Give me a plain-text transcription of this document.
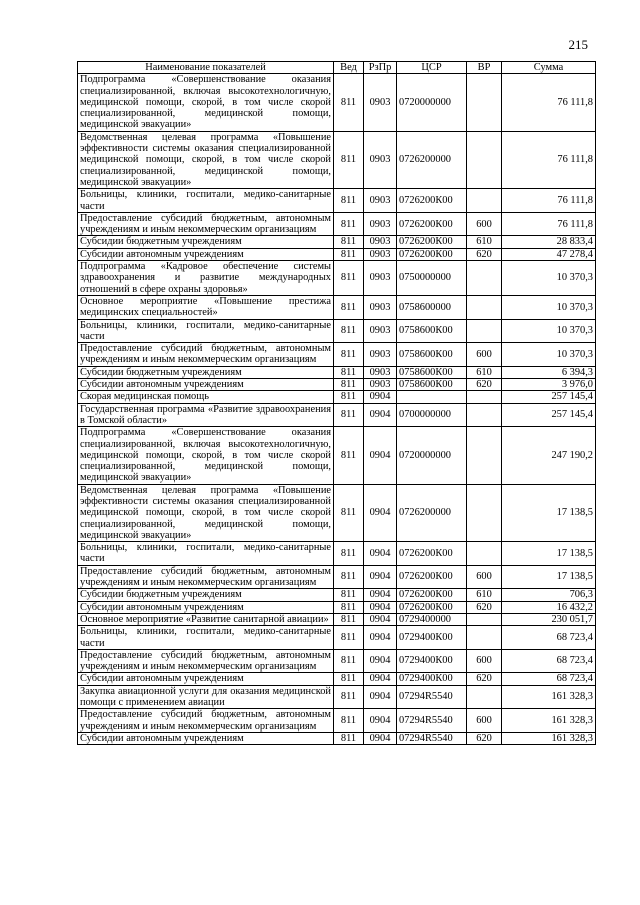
215
Наименование показателей	Вед	РзПр	ЦСР	ВР	Сумма
Подпрограмма «Совершенствование оказания специализированной, включая высокотехнологичную, медицинской помощи, скорой, в том числе скорой специализированной, медицинской помощи, медицинской эвакуации»	811	0903	0720000000		76 111,8
Ведомственная целевая программа «Повышение эффективности системы оказания специализированной медицинской помощи, скорой, в том числе скорой специализированной, медицинской помощи, медицинской эвакуации»	811	0903	0726200000		76 111,8
Больницы, клиники, госпитали, медико-санитарные части	811	0903	0726200К00		76 111,8
Предоставление субсидий бюджетным, автономным учреждениям и иным некоммерческим организациям	811	0903	0726200К00	600	76 111,8
Субсидии бюджетным учреждениям	811	0903	0726200К00	610	28 833,4
Субсидии автономным учреждениям	811	0903	0726200К00	620	47 278,4
Подпрограмма «Кадровое обеспечение системы здравоохранения и развитие международных отношений в сфере охраны здоровья»	811	0903	0750000000		10 370,3
Основное мероприятие «Повышение престижа медицинских специальностей»	811	0903	0758600000		10 370,3
Больницы, клиники, госпитали, медико-санитарные части	811	0903	0758600К00		10 370,3
Предоставление субсидий бюджетным, автономным учреждениям и иным некоммерческим организациям	811	0903	0758600К00	600	10 370,3
Субсидии бюджетным учреждениям	811	0903	0758600К00	610	6 394,3
Субсидии автономным учреждениям	811	0903	0758600К00	620	3 976,0
Скорая медицинская помощь	811	0904			257 145,4
Государственная программа «Развитие здравоохранения в Томской области»	811	0904	0700000000		257 145,4
Подпрограмма «Совершенствование оказания специализированной, включая высокотехнологичную, медицинской помощи, скорой, в том числе скорой специализированной, медицинской помощи, медицинской эвакуации»	811	0904	0720000000		247 190,2
Ведомственная целевая программа «Повышение эффективности системы оказания специализированной медицинской помощи, скорой, в том числе скорой специализированной, медицинской помощи, медицинской эвакуации»	811	0904	0726200000		17 138,5
Больницы, клиники, госпитали, медико-санитарные части	811	0904	0726200К00		17 138,5
Предоставление субсидий бюджетным, автономным учреждениям и иным некоммерческим организациям	811	0904	0726200К00	600	17 138,5
Субсидии бюджетным учреждениям	811	0904	0726200К00	610	706,3
Субсидии автономным учреждениям	811	0904	0726200К00	620	16 432,2
Основное мероприятие «Развитие санитарной авиации»	811	0904	0729400000		230 051,7
Больницы, клиники, госпитали, медико-санитарные части	811	0904	0729400К00		68 723,4
Предоставление субсидий бюджетным, автономным учреждениям и иным некоммерческим организациям	811	0904	0729400К00	600	68 723,4
Субсидии автономным учреждениям	811	0904	0729400К00	620	68 723,4
Закупка авиационной услуги для оказания медицинской помощи с применением авиации	811	0904	07294R5540		161 328,3
Предоставление субсидий бюджетным, автономным учреждениям и иным некоммерческим организациям	811	0904	07294R5540	600	161 328,3
Субсидии автономным учреждениям	811	0904	07294R5540	620	161 328,3
